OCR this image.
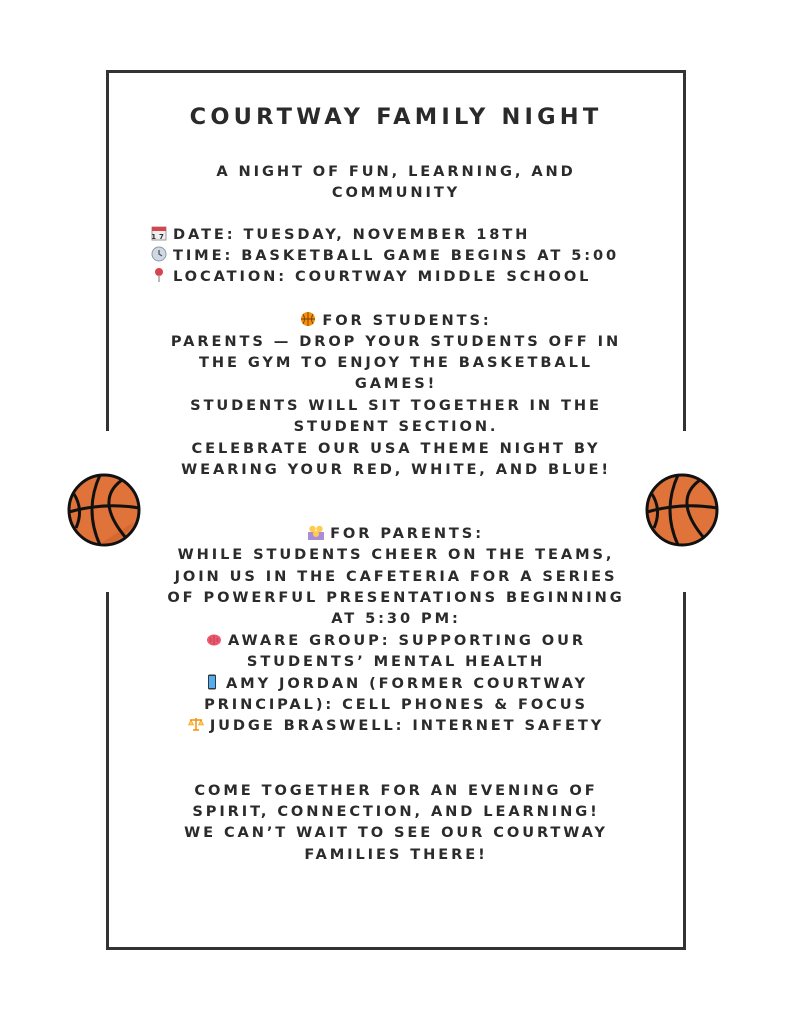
COURTWAY FAMILY NIGHT
A NIGHT OF FUN, LEARNING, AND
COMMUNITY
17 DATE: TUESDAY, NOVEMBER 18TH
TIME: BASKETBALL GAME BEGINS AT 5:00
LOCATION: COURTWAY MIDDLE SCHOOL
FOR STUDENTS:
PARENTS — DROP YOUR STUDENTS OFF IN
THE GYM TO ENJOY THE BASKETBALL
GAMES!
STUDENTS WILL SIT TOGETHER IN THE
STUDENT SECTION.
CELEBRATE OUR USA THEME NIGHT BY
WEARING YOUR RED, WHITE, AND BLUE!
FOR PARENTS:
WHILE STUDENTS CHEER ON THE TEAMS,
JOIN US IN THE CAFETERIA FOR A SERIES
OF POWERFUL PRESENTATIONS BEGINNING
AT 5:30 PM:
AWARE GROUP: SUPPORTING OUR
STUDENTS’ MENTAL HEALTH
AMY JORDAN (FORMER COURTWAY
PRINCIPAL): CELL PHONES & FOCUS
JUDGE BRASWELL: INTERNET SAFETY
COME TOGETHER FOR AN EVENING OF
SPIRIT, CONNECTION, AND LEARNING!
WE CAN’T WAIT TO SEE OUR COURTWAY
FAMILIES THERE!
